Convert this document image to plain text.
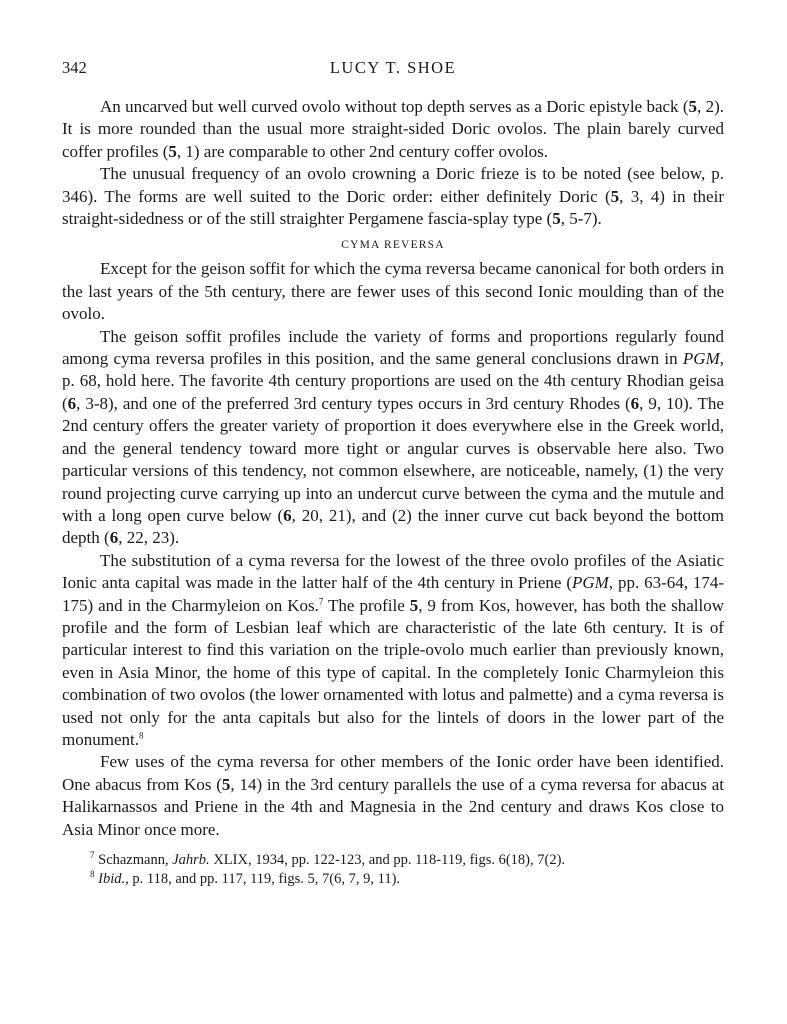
342	LUCY T. SHOE

An uncarved but well curved ovolo without top depth serves as a Doric epistyle back (5, 2). It is more rounded than the usual more straight-sided Doric ovolos. The plain barely curved coffer profiles (5, 1) are comparable to other 2nd century coffer ovolos.

The unusual frequency of an ovolo crowning a Doric frieze is to be noted (see below, p. 346). The forms are well suited to the Doric order: either definitely Doric (5, 3, 4) in their straight-sidedness or of the still straighter Pergamene fascia-splay type (5, 5-7).

CYMA REVERSA

Except for the geison soffit for which the cyma reversa became canonical for both orders in the last years of the 5th century, there are fewer uses of this second Ionic moulding than of the ovolo.

The geison soffit profiles include the variety of forms and proportions regularly found among cyma reversa profiles in this position, and the same general conclusions drawn in PGM, p. 68, hold here. The favorite 4th century proportions are used on the 4th century Rhodian geisa (6, 3-8), and one of the preferred 3rd century types occurs in 3rd century Rhodes (6, 9, 10). The 2nd century offers the greater variety of proportion it does everywhere else in the Greek world, and the general tendency toward more tight or angular curves is observable here also. Two particular versions of this tendency, not common elsewhere, are noticeable, namely, (1) the very round projecting curve carrying up into an undercut curve between the cyma and the mutule and with a long open curve below (6, 20, 21), and (2) the inner curve cut back beyond the bottom depth (6, 22, 23).

The substitution of a cyma reversa for the lowest of the three ovolo profiles of the Asiatic Ionic anta capital was made in the latter half of the 4th century in Priene (PGM, pp. 63-64, 174-175) and in the Charmyleion on Kos.$^7$ The profile 5, 9 from Kos, however, has both the shallow profile and the form of Lesbian leaf which are characteristic of the late 6th century. It is of particular interest to find this variation on the triple-ovolo much earlier than previously known, even in Asia Minor, the home of this type of capital. In the completely Ionic Charmyleion this combination of two ovolos (the lower ornamented with lotus and palmette) and a cyma reversa is used not only for the anta capitals but also for the lintels of doors in the lower part of the monument.$^8$

Few uses of the cyma reversa for other members of the Ionic order have been identified. One abacus from Kos (5, 14) in the 3rd century parallels the use of a cyma reversa for abacus at Halikarnassos and Priene in the 4th and Magnesia in the 2nd century and draws Kos close to Asia Minor once more.

$^7$ Schazmann, Jahrb. XLIX, 1934, pp. 122-123, and pp. 118-119, figs. 6(18), 7(2).

$^8$ Ibid., p. 118, and pp. 117, 119, figs. 5, 7(6, 7, 9, 11).
